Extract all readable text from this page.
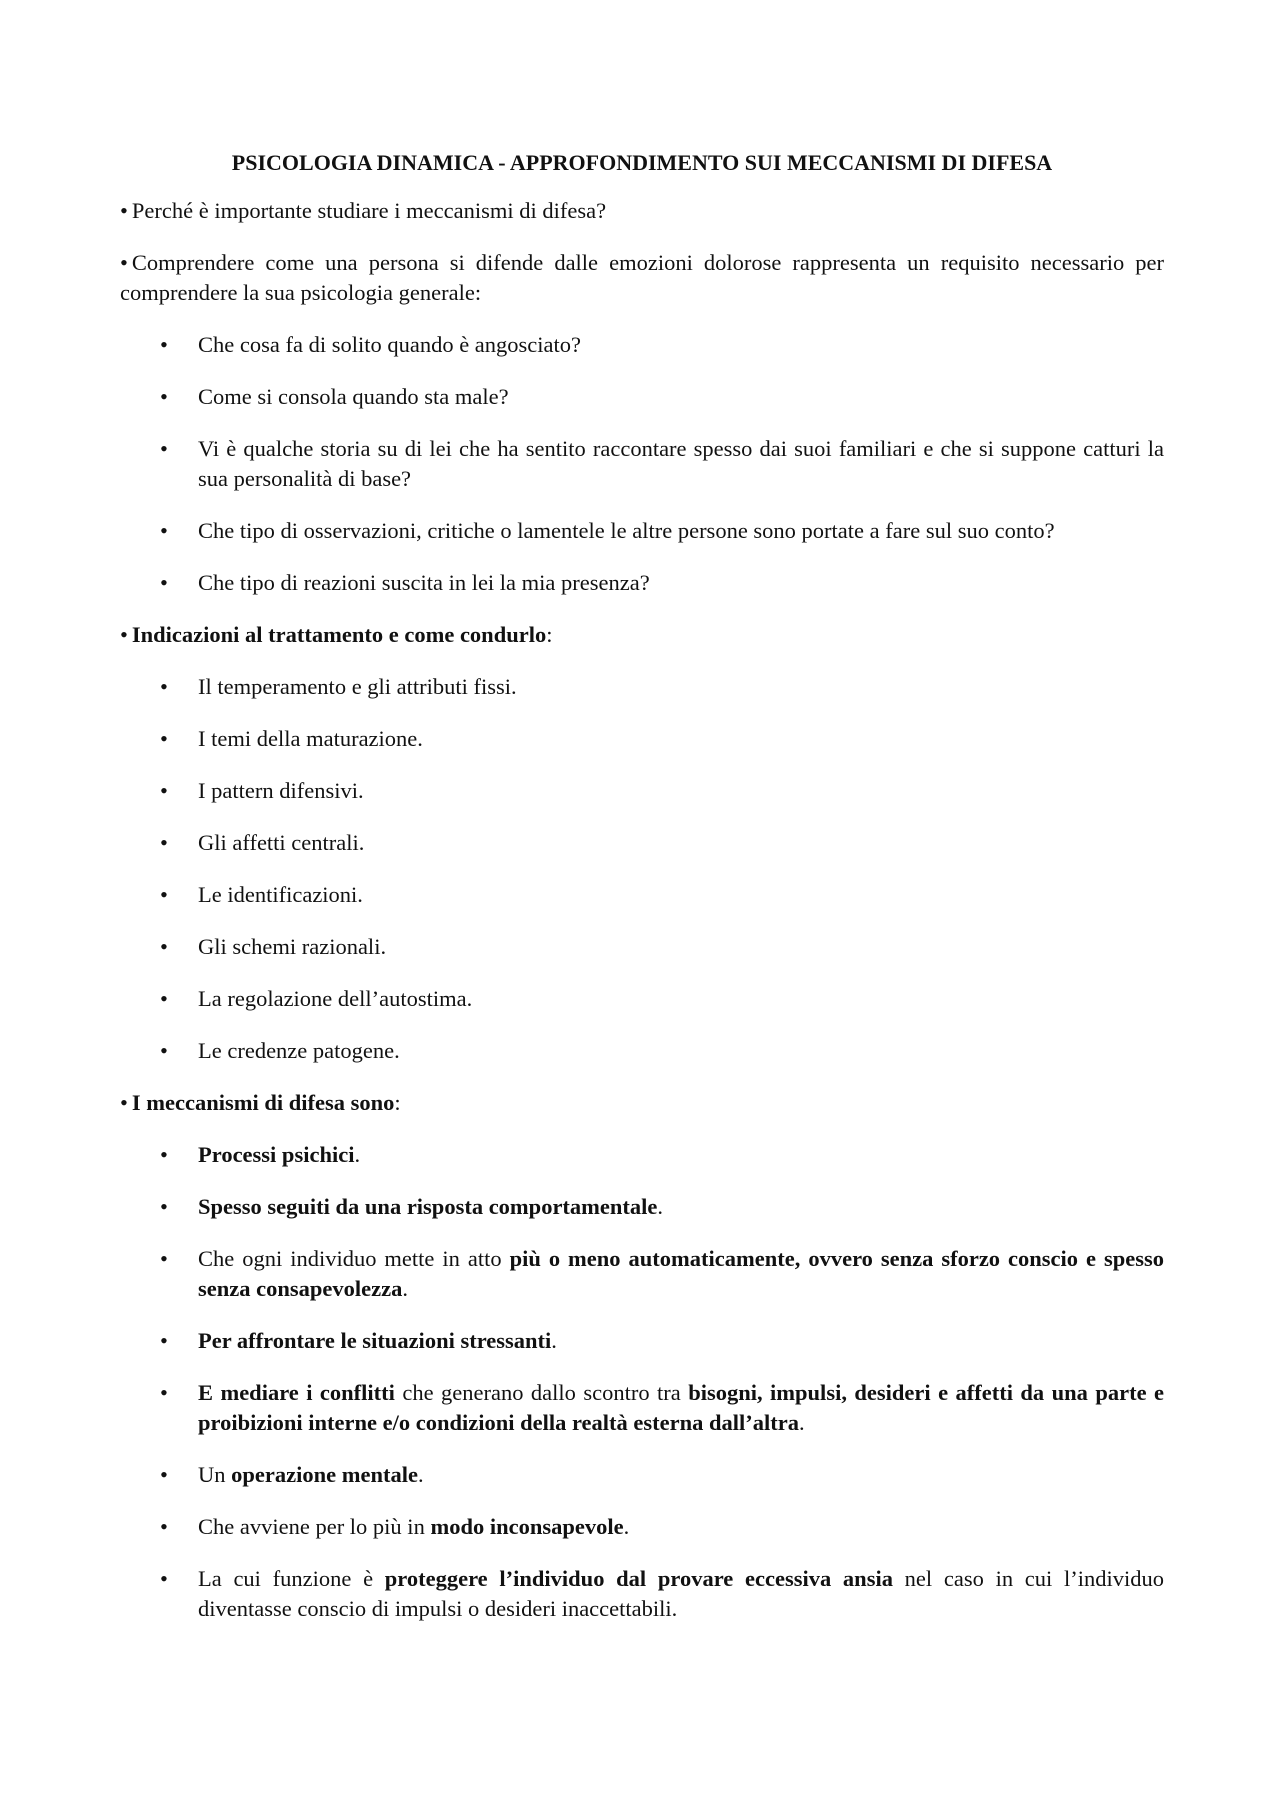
PSICOLOGIA DINAMICA - APPROFONDIMENTO SUI MECCANISMI DI DIFESA

• Perché è importante studiare i meccanismi di difesa?

• Comprendere come una persona si difende dalle emozioni dolorose rappresenta un requisito necessario per comprendere la sua psicologia generale:

• Che cosa fa di solito quando è angosciato?
• Come si consola quando sta male?
• Vi è qualche storia su di lei che ha sentito raccontare spesso dai suoi familiari e che si suppone catturi la sua personalità di base?
• Che tipo di osservazioni, critiche o lamentele le altre persone sono portate a fare sul suo conto?
• Che tipo di reazioni suscita in lei la mia presenza?

• Indicazioni al trattamento e come condurlo:

• Il temperamento e gli attributi fissi.
• I temi della maturazione.
• I pattern difensivi.
• Gli affetti centrali.
• Le identificazioni.
• Gli schemi razionali.
• La regolazione dell’autostima.
• Le credenze patogene.

• I meccanismi di difesa sono:

• Processi psichici.
• Spesso seguiti da una risposta comportamentale.
• Che ogni individuo mette in atto più o meno automaticamente, ovvero senza sforzo conscio e spesso senza consapevolezza.
• Per affrontare le situazioni stressanti.
• E mediare i conflitti che generano dallo scontro tra bisogni, impulsi, desideri e affetti da una parte e proibizioni interne e/o condizioni della realtà esterna dall’altra.
• Un operazione mentale.
• Che avviene per lo più in modo inconsapevole.
• La cui funzione è proteggere l’individuo dal provare eccessiva ansia nel caso in cui l’individuo diventasse conscio di impulsi o desideri inaccettabili.
